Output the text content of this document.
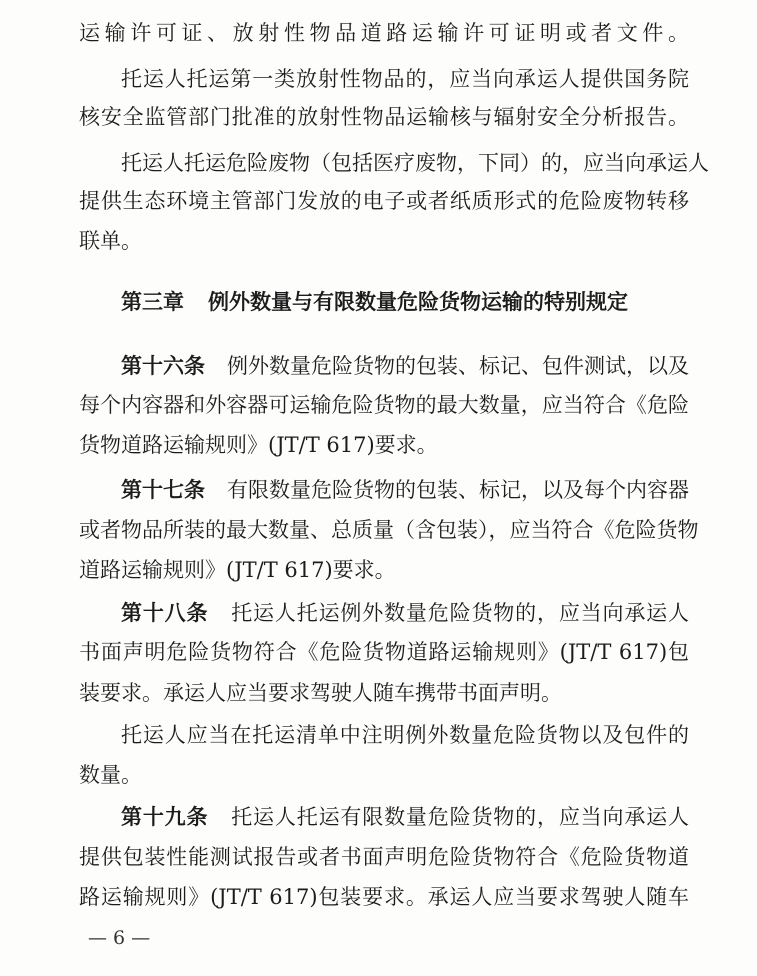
运输许可证、放射性物品道路运输许可证明或者文件。
托运人托运第一类放射性物品的，应当向承运人提供国务院
核安全监管部门批准的放射性物品运输核与辐射安全分析报告。
托运人托运危险废物（包括医疗废物，下同）的，应当向承运人
提供生态环境主管部门发放的电子或者纸质形式的危险废物转移
联单。
第三章 例外数量与有限数量危险货物运输的特别规定
第十六条 例外数量危险货物的包装、标记、包件测试，以及
每个内容器和外容器可运输危险货物的最大数量，应当符合《危险
货物道路运输规则》(JT/T 617)要求。
第十七条 有限数量危险货物的包装、标记，以及每个内容器
或者物品所装的最大数量、总质量（含包装），应当符合《危险货物
道路运输规则》(JT/T 617)要求。
第十八条 托运人托运例外数量危险货物的，应当向承运人
书面声明危险货物符合《危险货物道路运输规则》(JT/T 617)包
装要求。承运人应当要求驾驶人随车携带书面声明。
托运人应当在托运清单中注明例外数量危险货物以及包件的
数量。
第十九条 托运人托运有限数量危险货物的，应当向承运人
提供包装性能测试报告或者书面声明危险货物符合《危险货物道
路运输规则》(JT/T 617)包装要求。承运人应当要求驾驶人随车
— 6 —
